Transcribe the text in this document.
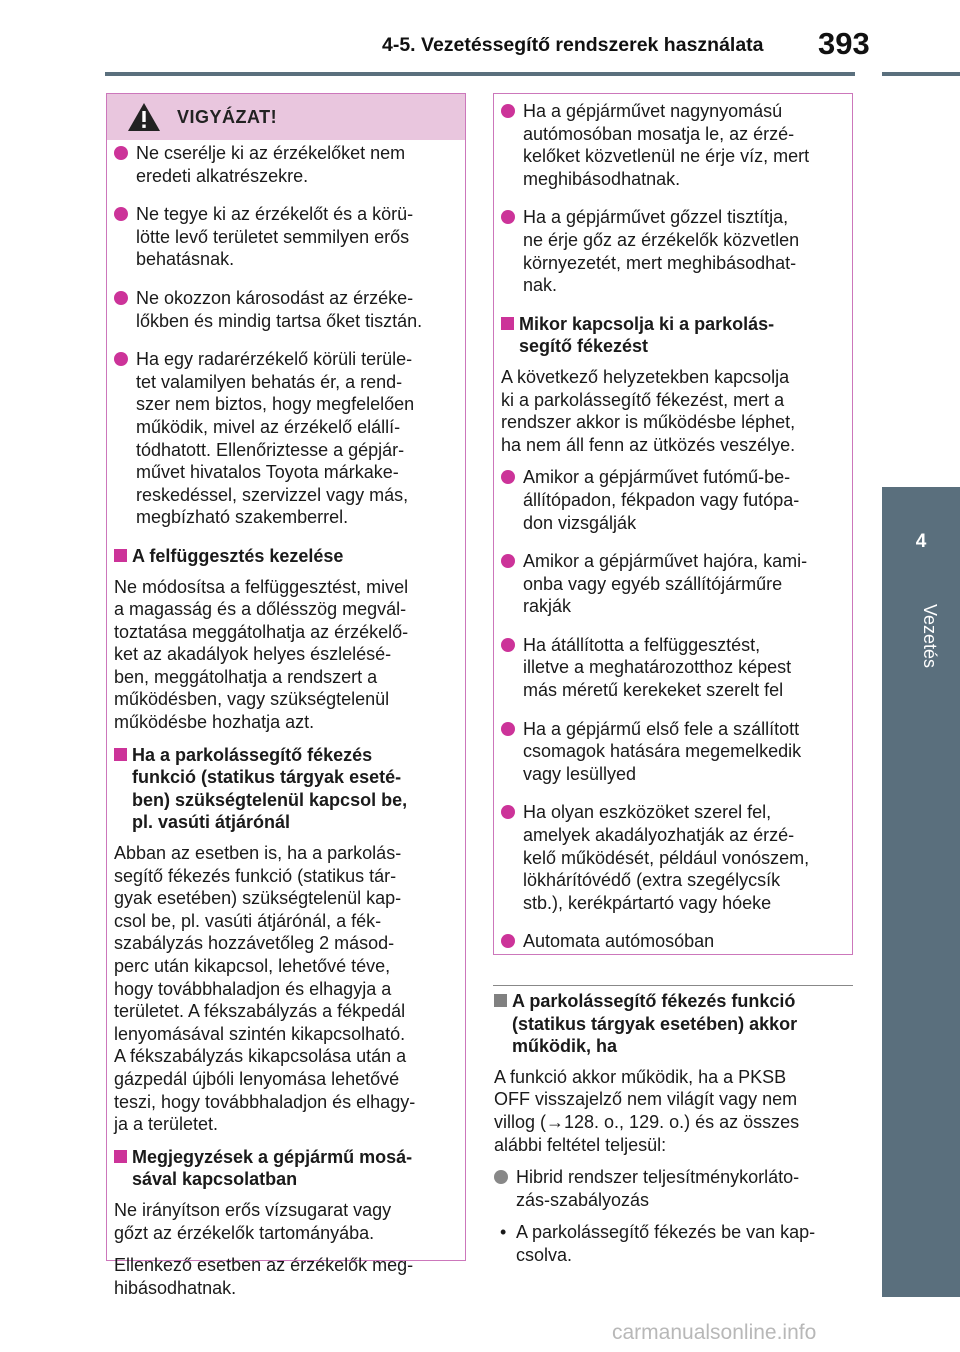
4-5. Vezetéssegítő rendszerek használata	393
4
Vezetés
VIGYÁZAT!
Ne cserélje ki az érzékelőket nem
eredeti alkatrészekre.
Ne tegye ki az érzékelőt és a körü-
lötte levő területet semmilyen erős
behatásnak.
Ne okozzon károsodást az érzéke-
lőkben és mindig tartsa őket tisztán.
Ha egy radarérzékelő körüli terüle-
tet valamilyen behatás ér, a rend-
szer nem biztos, hogy megfelelően
működik, mivel az érzékelő elállí-
tódhatott. Ellenőriztesse a gépjár-
művet hivatalos Toyota márkake-
reskedéssel, szervizzel vagy más,
megbízható szakemberrel.
A felfüggesztés kezelése
Ne módosítsa a felfüggesztést, mivel
a magasság és a dőlésszög megvál-
toztatása meggátolhatja az érzékelő-
ket az akadályok helyes észlelésé-
ben, meggátolhatja a rendszert a
működésben, vagy szükségtelenül
működésbe hozhatja azt.
Ha a parkolássegítő fékezés
funkció (statikus tárgyak eseté-
ben) szükségtelenül kapcsol be,
pl. vasúti átjárónál
Abban az esetben is, ha a parkolás-
segítő fékezés funkció (statikus tár-
gyak esetében) szükségtelenül kap-
csol be, pl. vasúti átjárónál, a fék-
szabályzás hozzávetőleg 2 másod-
perc után kikapcsol, lehetővé téve,
hogy továbbhaladjon és elhagyja a
területet. A fékszabályzás a fékpedál
lenyomásával szintén kikapcsolható.
A fékszabályzás kikapcsolása után a
gázpedál újbóli lenyomása lehetővé
teszi, hogy továbbhaladjon és elhagy-
ja a területet.
Megjegyzések a gépjármű mosá-
sával kapcsolatban
Ne irányítson erős vízsugarat vagy
gőzt az érzékelők tartományába.
Ellenkező esetben az érzékelők meg-
hibásodhatnak.
Ha a gépjárművet nagynyomású
autómosóban mosatja le, az érzé-
kelőket közvetlenül ne érje víz, mert
meghibásodhatnak.
Ha a gépjárművet gőzzel tisztítja,
ne érje gőz az érzékelők közvetlen
környezetét, mert meghibásodhat-
nak.
Mikor kapcsolja ki a parkolás-
segítő fékezést
A következő helyzetekben kapcsolja
ki a parkolássegítő fékezést, mert a
rendszer akkor is működésbe léphet,
ha nem áll fenn az ütközés veszélye.
Amikor a gépjárművet futómű-be-
állítópadon, fékpadon vagy futópa-
don vizsgálják
Amikor a gépjárművet hajóra, kami-
onba vagy egyéb szállítójárműre
rakják
Ha átállította a felfüggesztést,
illetve a meghatározotthoz képest
más méretű kerekeket szerelt fel
Ha a gépjármű első fele a szállított
csomagok hatására megemelkedik
vagy lesüllyed
Ha olyan eszközöket szerel fel,
amelyek akadályozhatják az érzé-
kelő működését, például vonószem,
lökhárítóvédő (extra szegélycsík
stb.), kerékpártartó vagy hóeke
Automata autómosóban
A parkolássegítő fékezés funkció
(statikus tárgyak esetében) akkor
működik, ha
A funkció akkor működik, ha a PKSB
OFF visszajelző nem világít vagy nem
villog (→128. o., 129. o.) és az összes
alábbi feltétel teljesül:
Hibrid rendszer teljesítménykorláto-
zás-szabályozás
• A parkolássegítő fékezés be van kap-
csolva.
carmanualsonline.info
